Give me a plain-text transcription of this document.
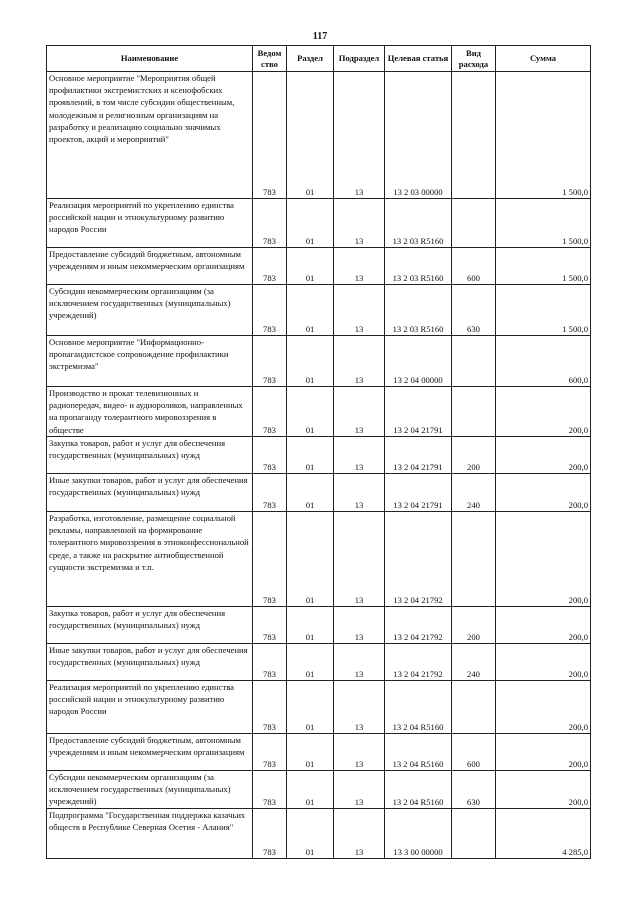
117
Наименование	Ведом ство	Раздел	Подраздел	Целевая статья	Вид расхода	Сумма
Основное мероприятие "Мероприятия общей профилактики экстремистских и ксенофобских проявлений, в том числе субсидии общественным, молодежным и религиозным организациям на разработку и реализацию социально значимых проектов, акций и мероприятий"	783	01	13	13 2 03 00000		1 500,0
Реализация мероприятий по укреплению единства российской нации и этнокультурному развитию народов России	783	01	13	13 2 03 R5160		1 500,0
Предоставление субсидий бюджетным, автономным учреждениям и иным некоммерческим организациям	783	01	13	13 2 03 R5160	600	1 500,0
Субсидии некоммерческим организациям (за исключением государственных (муниципальных) учреждений)	783	01	13	13 2 03 R5160	630	1 500,0
Основное мероприятие "Информационно-пропагандистское сопровождение профилактики экстремизма"	783	01	13	13 2 04 00000		600,0
Производство и прокат телевизионных и радиопередач, видео- и аудиороликов, направленных на пропаганду толерантного мировоззрения в обществе	783	01	13	13 2 04 21791		200,0
Закупка товаров, работ и услуг для обеспечения государственных (муниципальных) нужд	783	01	13	13 2 04 21791	200	200,0
Иные закупки товаров, работ и услуг для обеспечения государственных (муниципальных) нужд	783	01	13	13 2 04 21791	240	200,0
Разработка, изготовление, размещение социальной рекламы, направленной на формирование толерантного мировоззрения в этноконфессиональной среде, а также на раскрытие антиобщественной сущности экстремизма и т.п.	783	01	13	13 2 04 21792		200,0
Закупка товаров, работ и услуг для обеспечения государственных (муниципальных) нужд	783	01	13	13 2 04 21792	200	200,0
Иные закупки товаров, работ и услуг для обеспечения государственных (муниципальных) нужд	783	01	13	13 2 04 21792	240	200,0
Реализация мероприятий по укреплению единства российской нации и этнокультурному развитию народов России	783	01	13	13 2 04 R5160		200,0
Предоставление субсидий бюджетным, автономным учреждениям и иным некоммерческим организациям	783	01	13	13 2 04 R5160	600	200,0
Субсидии некоммерческим организациям (за исключением государственных (муниципальных) учреждений)	783	01	13	13 2 04 R5160	630	200,0
Подпрограмма "Государственная поддержка казачьих обществ в Республике Северная Осетия - Алания"	783	01	13	13 3 00 00000		4 285,0
